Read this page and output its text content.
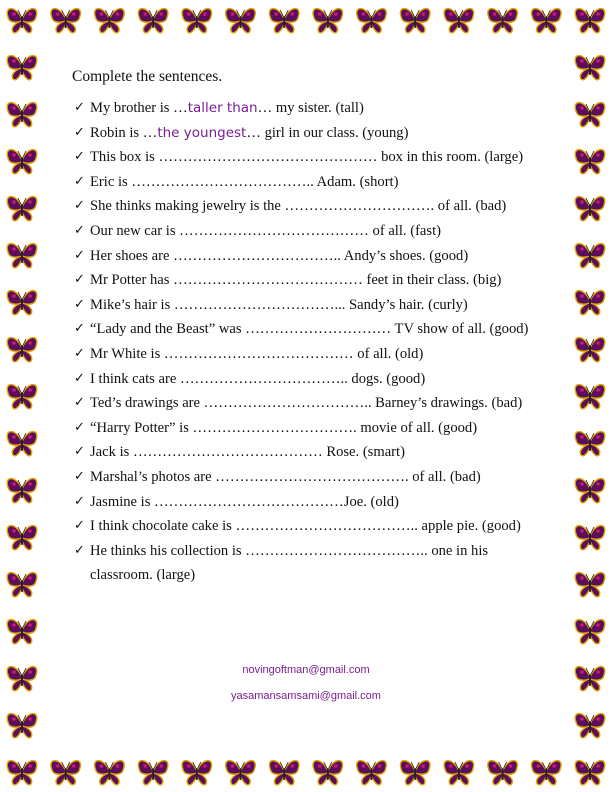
Complete the sentences.
✓ My brother is …taller than… my sister. (tall)
✓ Robin is …the youngest… girl in our class. (young)
✓ This box is ……………………………………… box in this room. (large)
✓ Eric is ……………………………….. Adam. (short)
✓ She thinks making jewelry is the …………………………. of all. (bad)
✓ Our new car is ………………………………… of all. (fast)
✓ Her shoes are …………………………….. Andy’s shoes. (good)
✓ Mr Potter has ………………………………… feet in their class. (big)
✓ Mike’s hair is ……………………………... Sandy’s hair. (curly)
✓ “Lady and the Beast” was ………………………… TV show of all. (good)
✓ Mr White is ………………………………… of all. (old)
✓ I think cats are …………………………….. dogs. (good)
✓ Ted’s drawings are …………………………….. Barney’s drawings. (bad)
✓ “Harry Potter” is ……………………………. movie of all. (good)
✓ Jack is ………………………………… Rose. (smart)
✓ Marshal’s photos are …………………………………. of all. (bad)
✓ Jasmine is …………………………………Joe. (old)
✓ I think chocolate cake is ……………………………….. apple pie. (good)
✓ He thinks his collection is ……………………………….. one in his classroom. (large)
novingoftman@gmail.com
yasamansamsami@gmail.com
